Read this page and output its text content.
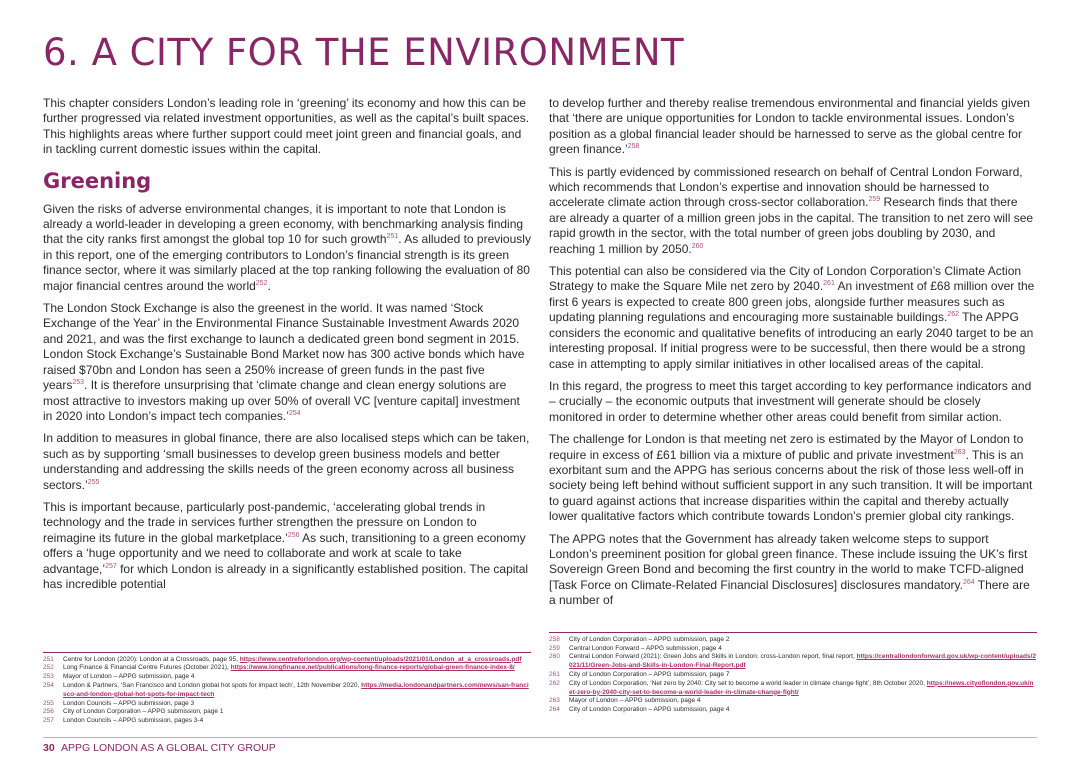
6. A CITY FOR THE ENVIRONMENT

This chapter considers London’s leading role in ‘greening’ its economy and how this can be further progressed via related investment opportunities, as well as the capital’s built spaces. This highlights areas where further support could meet joint green and financial goals, and in tackling current domestic issues within the capital.

Greening

Given the risks of adverse environmental changes, it is important to note that London is already a world-leader in developing a green economy, with benchmarking analysis finding that the city ranks first amongst the global top 10 for such growth$^{251}$. As alluded to previously in this report, one of the emerging contributors to London’s financial strength is its green finance sector, where it was similarly placed at the top ranking following the evaluation of 80 major financial centres around the world$^{252}$.

The London Stock Exchange is also the greenest in the world. It was named ‘Stock Exchange of the Year’ in the Environmental Finance Sustainable Investment Awards 2020 and 2021, and was the first exchange to launch a dedicated green bond segment in 2015. London Stock Exchange’s Sustainable Bond Market now has 300 active bonds which have raised $70bn and London has seen a 250% increase of green funds in the past five years$^{253}$. It is therefore unsurprising that ‘climate change and clean energy solutions are most attractive to investors making up over 50% of overall VC [venture capital] investment in 2020 into London’s impact tech companies.’$^{254}$

In addition to measures in global finance, there are also localised steps which can be taken, such as by supporting ‘small businesses to develop green business models and better understanding and addressing the skills needs of the green economy across all business sectors.’$^{255}$

This is important because, particularly post-pandemic, ‘accelerating global trends in technology and the trade in services further strengthen the pressure on London to reimagine its future in the global marketplace.’$^{256}$ As such, transitioning to a green economy offers a ‘huge opportunity and we need to collaborate and work at scale to take advantage,’$^{257}$ for which London is already in a significantly established position. The capital has incredible potential

251	Centre for London (2020): London at a Crossroads, page 95, https://www.centreforlondon.org/wp-content/uploads/2021/01/London_at_a_crossroads.pdf
252	Long Finance & Financial Centre Futures (October 2021), https://www.longfinance.net/publications/long-finance-reports/global-green-finance-index-8/
253	Mayor of London – APPG submission, page 4
254	London & Partners, ‘San Francisco and London global hot spots for impact tech’, 12th November 2020, https://media.londonandpartners.com/news/san-francisco-and-london-global-hot-spots-for-impact-tech
255	London Councils – APPG submission, page 3
256	City of London Corporation – APPG submission, page 1
257	London Councils – APPG submission, pages 3-4

to develop further and thereby realise tremendous environmental and financial yields given that ‘there are unique opportunities for London to tackle environmental issues. London’s position as a global financial leader should be harnessed to serve as the global centre for green finance.’$^{258}$

This is partly evidenced by commissioned research on behalf of Central London Forward, which recommends that London’s expertise and innovation should be harnessed to accelerate climate action through cross-sector collaboration.$^{259}$ Research finds that there are already a quarter of a million green jobs in the capital. The transition to net zero will see rapid growth in the sector, with the total number of green jobs doubling by 2030, and reaching 1 million by 2050.$^{260}$

This potential can also be considered via the City of London Corporation’s Climate Action Strategy to make the Square Mile net zero by 2040.$^{261}$ An investment of £68 million over the first 6 years is expected to create 800 green jobs, alongside further measures such as updating planning regulations and encouraging more sustainable buildings.$^{262}$ The APPG considers the economic and qualitative benefits of introducing an early 2040 target to be an interesting proposal. If initial progress were to be successful, then there would be a strong case in attempting to apply similar initiatives in other localised areas of the capital.

In this regard, the progress to meet this target according to key performance indicators and – crucially – the economic outputs that investment will generate should be closely monitored in order to determine whether other areas could benefit from similar action.

The challenge for London is that meeting net zero is estimated by the Mayor of London to require in excess of £61 billion via a mixture of public and private investment$^{263}$. This is an exorbitant sum and the APPG has serious concerns about the risk of those less well-off in society being left behind without sufficient support in any such transition. It will be important to guard against actions that increase disparities within the capital and thereby actually lower qualitative factors which contribute towards London’s premier global city rankings.

The APPG notes that the Government has already taken welcome steps to support London’s preeminent position for global green finance. These include issuing the UK’s first Sovereign Green Bond and becoming the first country in the world to make TCFD-aligned [Task Force on Climate-Related Financial Disclosures] disclosures mandatory.$^{264}$ There are a number of

258	City of London Corporation – APPG submission, page 2
259	Central London Forward – APPG submission, page 4
260	Central London Forward (2021): Green Jobs and Skills in London: cross-London report, final report, https://centrallondonforward.gov.uk/wp-content/uploads/2021/11/Green-Jobs-and-Skills-in-London-Final-Report.pdf
261	City of London Corporation – APPG submission, page 7
262	City of London Corporation, ‘Net zero by 2040: City set to become a world leader in climate change fight’, 8th October 2020, https://news.cityoflondon.gov.uk/net-zero-by-2040-city-set-to-become-a-world-leader-in-climate-change-fight/
263	Mayor of London – APPG submission, page 4
264	City of London Corporation – APPG submission, page 4
30 APPG LONDON AS A GLOBAL CITY GROUP
